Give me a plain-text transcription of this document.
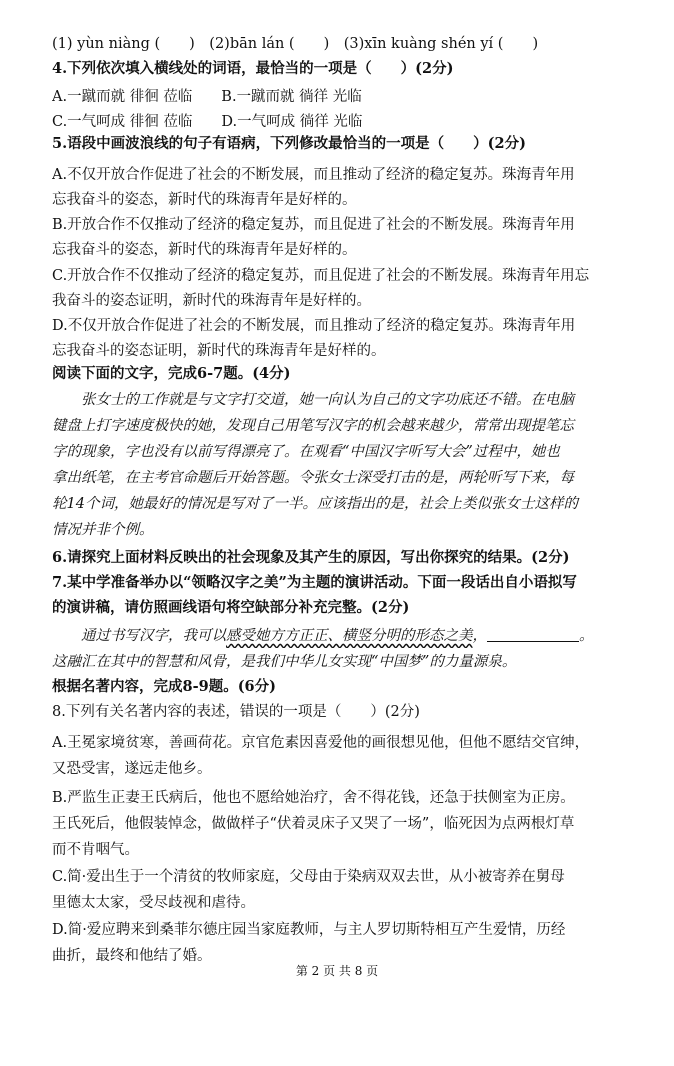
(1) yùn niàng (　　)　(2)bān lán (　　)　(3)xīn kuàng shén yí (　　)
4.下列依次填入横线处的词语，最恰当的一项是（　　）(2分)
A.一蹴而就 徘徊 莅临　　B.一蹴而就 徜徉 光临
C.一气呵成 徘徊 莅临　　D.一气呵成 徜徉 光临
5.语段中画波浪线的句子有语病，下列修改最恰当的一项是（　　）(2分)
A.不仅开放合作促进了社会的不断发展，而且推动了经济的稳定复苏。珠海青年用
忘我奋斗的姿态，新时代的珠海青年是好样的。
B.开放合作不仅推动了经济的稳定复苏，而且促进了社会的不断发展。珠海青年用
忘我奋斗的姿态，新时代的珠海青年是好样的。
C.开放合作不仅推动了经济的稳定复苏，而且促进了社会的不断发展。珠海青年用忘
我奋斗的姿态证明，新时代的珠海青年是好样的。
D.不仅开放合作促进了社会的不断发展，而且推动了经济的稳定复苏。珠海青年用
忘我奋斗的姿态证明，新时代的珠海青年是好样的。
阅读下面的文字，完成6-7题。(4分)
　　张女士的工作就是与文字打交道，她一向认为自己的文字功底还不错。在电脑
键盘上打字速度极快的她，发现自己用笔写汉字的机会越来越少，常常出现提笔忘
字的现象，字也没有以前写得漂亮了。在观看“中国汉字听写大会”过程中，她也
拿出纸笔，在主考官命题后开始答题。令张女士深受打击的是，两轮听写下来，每
轮14个词，她最好的情况是写对了一半。应该指出的是，社会上类似张女士这样的
情况并非个例。
6.请探究上面材料反映出的社会现象及其产生的原因，写出你探究的结果。(2分)
7.某中学准备举办以“领略汉字之美”为主题的演讲活动。下面一段话出自小语拟写
的演讲稿，请仿照画线语句将空缺部分补充完整。(2分)
　　通过书写汉字，我可以感受她方方正正、横竖分明的形态之美，	。
这融汇在其中的智慧和风骨，是我们中华儿女实现“中国梦”的力量源泉。
根据名著内容，完成8-9题。(6分)
8.下列有关名著内容的表述，错误的一项是（　　）(2分)
A.王冕家境贫寒，善画荷花。京官危素因喜爱他的画很想见他，但他不愿结交官绅，
又恐受害，遂远走他乡。
B.严监生正妻王氏病后，他也不愿给她治疗，舍不得花钱，还急于扶侧室为正房。
王氏死后，他假装悼念，做做样子“伏着灵床子又哭了一场”，临死因为点两根灯草
而不肯咽气。
C.简·爱出生于一个清贫的牧师家庭，父母由于染病双双去世，从小被寄养在舅母
里德太太家，受尽歧视和虐待。
D.简·爱应聘来到桑菲尔德庄园当家庭教师，与主人罗切斯特相互产生爱情，历经
曲折，最终和他结了婚。
第 2 页 共 8 页
